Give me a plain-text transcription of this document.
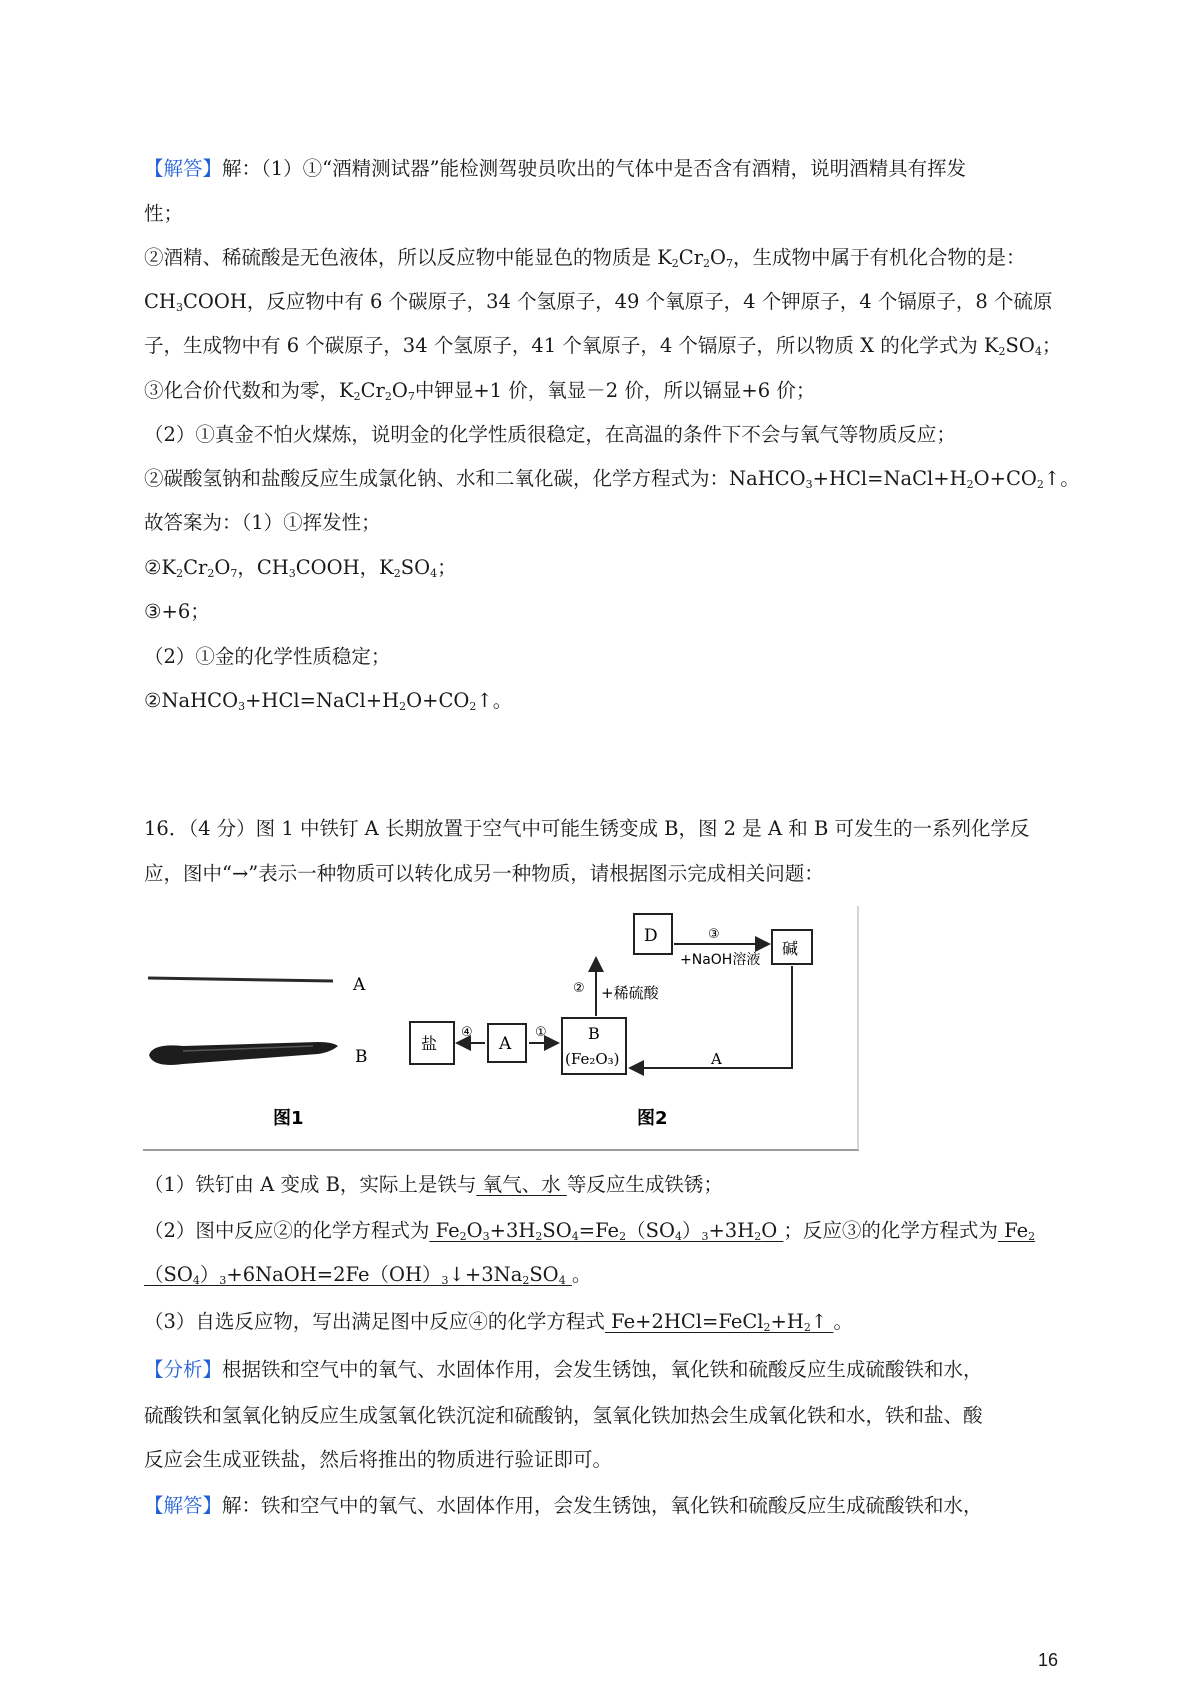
【解答】解：（1）①“酒精测试器”能检测驾驶员吹出的气体中是否含有酒精，说明酒精具有挥发
性；
②酒精、稀硫酸是无色液体，所以反应物中能显色的物质是 $K_2Cr_2O_7$，生成物中属于有机化合物的是：
$CH_3COOH$，反应物中有 6 个碳原子，34 个氢原子，49 个氧原子，4 个钾原子，4 个镉原子，8 个硫原
子，生成物中有 6 个碳原子，34 个氢原子，41 个氧原子，4 个镉原子，所以物质 X 的化学式为 $K_2SO_4$；
③化合价代数和为零，$K_2Cr_2O_7$中钾显+1 价，氧显－2 价，所以镉显+6 价；
（2）①真金不怕火煤炼，说明金的化学性质很稳定，在高温的条件下不会与氧气等物质反应；
②碳酸氢钠和盐酸反应生成氯化钠、水和二氧化碳，化学方程式为：$NaHCO_3+HCl=NaCl+H_2O+CO_2↑$。
故答案为：（1）①挥发性；
$②K_2Cr_2O_7$，$CH_3COOH$，$K_2SO_4$；
③+6；
（2）①金的化学性质稳定；
$②NaHCO_3+HCl=NaCl+H_2O+CO_2↑$。
16．（4 分）图 1 中铁钉 A 长期放置于空气中可能生锈变成 B，图 2 是 A 和 B 可发生的一系列化学反
应，图中“→”表示一种物质可以转化成另一种物质，请根据图示完成相关问题：
A
B
图1
D
碱
盐	A
B
(Fe₂O₃)
③
+NaOH溶液
② +稀硫酸
①
④
A
图2
（1）铁钉由 A 变成 B，实际上是铁与 氧气、水 等反应生成铁锈；
（2）图中反应②的化学方程式为 $Fe_2O_3+3H_2SO_4=Fe_2(SO_4)_3+3H_2O$ ；反应③的化学方程式为 $Fe_2$
$(SO_4)_3+6NaOH=2Fe(OH)_3↓+3Na_2SO_4$ 。
（3）自选反应物，写出满足图中反应④的化学方程式 $Fe+2HCl=FeCl_2+H_2↑$ 。
【分析】根据铁和空气中的氧气、水固体作用，会发生锈蚀，氧化铁和硫酸反应生成硫酸铁和水，
硫酸铁和氢氧化钠反应生成氢氧化铁沉淀和硫酸钠，氢氧化铁加热会生成氧化铁和水，铁和盐、酸
反应会生成亚铁盐，然后将推出的物质进行验证即可。
【解答】解：铁和空气中的氧气、水固体作用，会发生锈蚀，氧化铁和硫酸反应生成硫酸铁和水，
16
